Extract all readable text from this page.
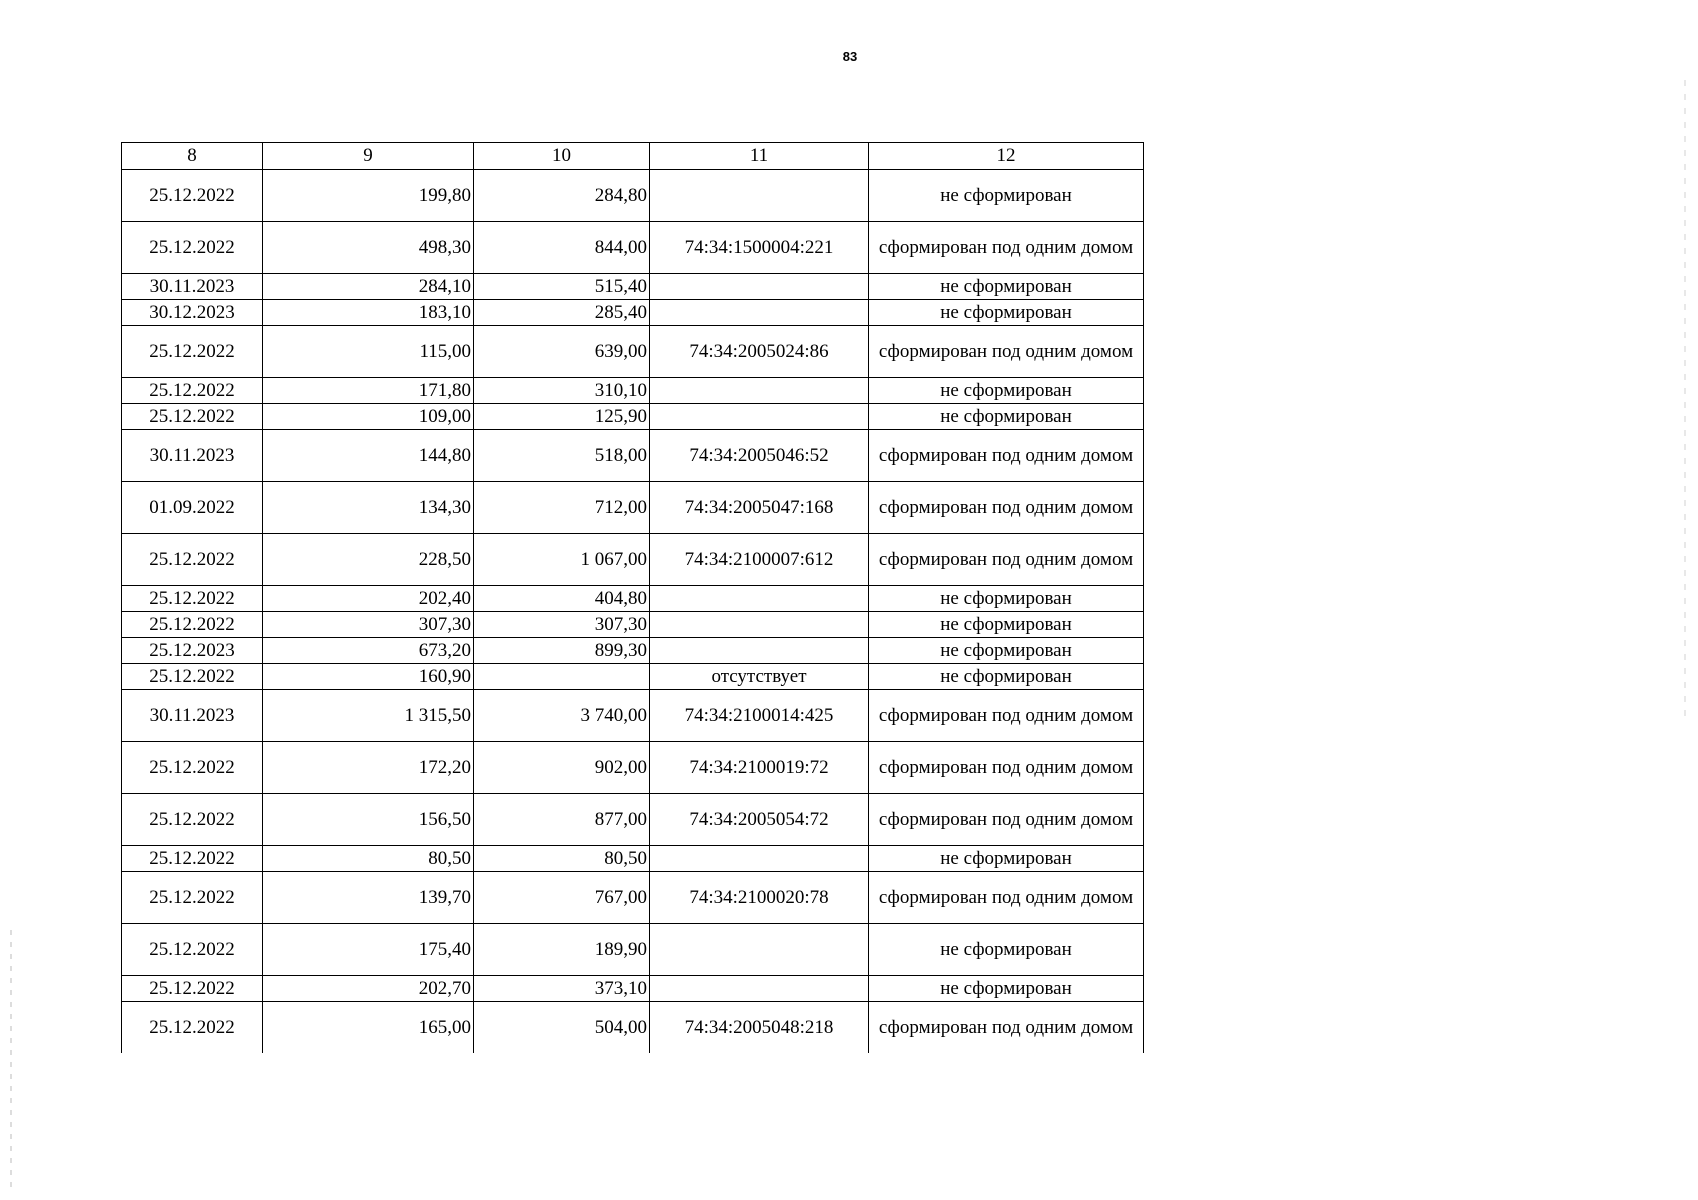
83
8	9	10	11	12
25.12.2022	199,80	284,80		не сформирован
25.12.2022	498,30	844,00	74:34:1500004:221	сформирован под одним домом
30.11.2023	284,10	515,40		не сформирован
30.12.2023	183,10	285,40		не сформирован
25.12.2022	115,00	639,00	74:34:2005024:86	сформирован под одним домом
25.12.2022	171,80	310,10		не сформирован
25.12.2022	109,00	125,90		не сформирован
30.11.2023	144,80	518,00	74:34:2005046:52	сформирован под одним домом
01.09.2022	134,30	712,00	74:34:2005047:168	сформирован под одним домом
25.12.2022	228,50	1 067,00	74:34:2100007:612	сформирован под одним домом
25.12.2022	202,40	404,80		не сформирован
25.12.2022	307,30	307,30		не сформирован
25.12.2023	673,20	899,30		не сформирован
25.12.2022	160,90		отсутствует	не сформирован
30.11.2023	1 315,50	3 740,00	74:34:2100014:425	сформирован под одним домом
25.12.2022	172,20	902,00	74:34:2100019:72	сформирован под одним домом
25.12.2022	156,50	877,00	74:34:2005054:72	сформирован под одним домом
25.12.2022	80,50	80,50		не сформирован
25.12.2022	139,70	767,00	74:34:2100020:78	сформирован под одним домом
25.12.2022	175,40	189,90		не сформирован
25.12.2022	202,70	373,10		не сформирован
25.12.2022	165,00	504,00	74:34:2005048:218	сформирован под одним домом
